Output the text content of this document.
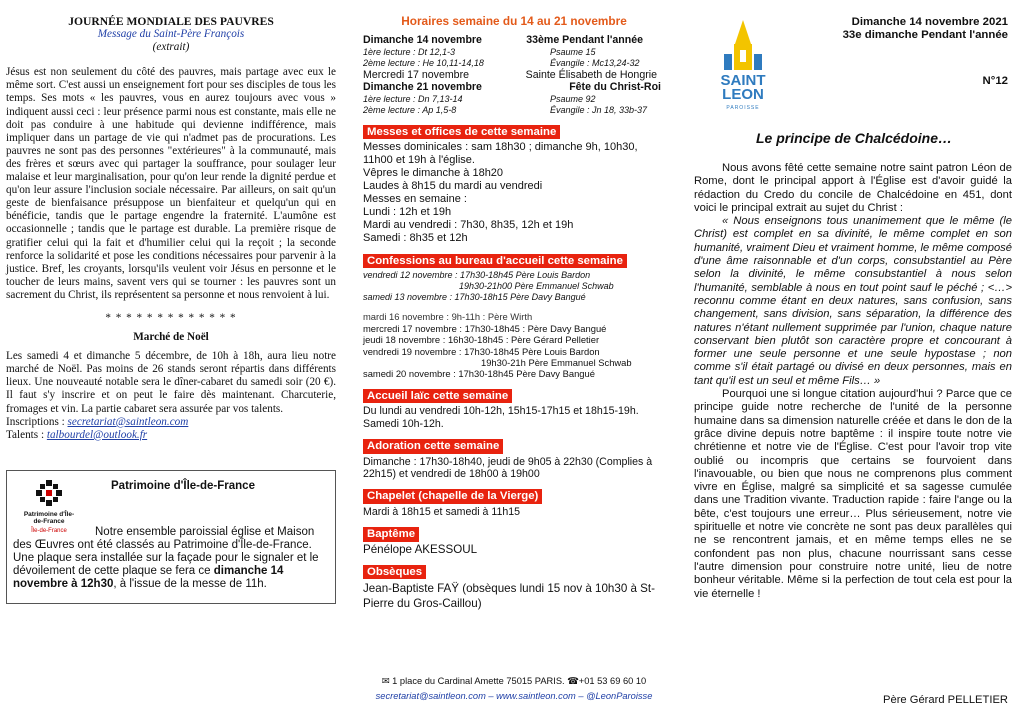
JOURNÉE MONDIALE DES PAUVRES
Message du Saint-Père François
(extrait)

Jésus est non seulement du côté des pauvres, mais partage avec eux le même sort. C'est aussi un enseignement fort pour ses disciples de tous les temps. Ses mots « les pauvres, vous en aurez toujours avec vous » indiquent aussi ceci : leur présence parmi nous est constante, mais elle ne doit pas conduire à une habitude qui devienne indifférence, mais impliquer dans un partage de vie qui n'admet pas de procurations. Les pauvres ne sont pas des personnes "extérieures" à la communauté, mais des frères et sœurs avec qui partager la souffrance, pour soulager leur malaise et leur marginalisation, pour qu'on leur rende la dignité perdue et qu'on leur assure l'inclusion sociale nécessaire. Par ailleurs, on sait qu'un geste de bienfaisance présuppose un bienfaiteur et quelqu'un qui en bénéficie, tandis que le partage engendre la fraternité. L'aumône est occasionnelle ; tandis que le partage est durable. La première risque de gratifier celui qui la fait et d'humilier celui qui la reçoit ; la seconde renforce la solidarité et pose les conditions nécessaires pour parvenir à la justice. Bref, les croyants, lorsqu'ils veulent voir Jésus en personne et le toucher de leurs mains, savent vers qui se tourner : les pauvres sont un sacrement du Christ, ils représentent sa personne et nous renvoient à lui.

* * * * * * * * * * * * *
Marché de Noël

Les samedi 4 et dimanche 5 décembre, de 10h à 18h, aura lieu notre marché de Noël. Pas moins de 26 stands seront répartis dans différents lieux. Une nouveauté notable sera le dîner-cabaret du samedi soir (20 €). Il faut s'y inscrire et on peut le faire dès maintenant. Charcuterie, fromages et vin. La partie cabaret sera assurée par vos talents.

Inscriptions : secretariat@saintleon.com
Talents : talbourdel@outlook.fr
Patrimoine d'Île-de-France
Île-de-France
Patrimoine d'Île-de-France
Notre ensemble paroissial église et Maison des Œuvres ont été classés au Patrimoine d'Île-de-France. Une plaque sera installée sur la façade pour le signaler et le dévoilement de cette plaque se fera ce dimanche 14 novembre à 12h30, à l'issue de la messe de 11h.
Horaires semaine du 14 au 21 novembre
Dimanche 14 novembre	33ème Pendant l'année
1ère lecture : Dt 12,1-3	Psaume 15
2ème lecture : He 10,11-14,18	Évangile : Mc13,24-32
Mercredi 17 novembre	Sainte Élisabeth de Hongrie
Dimanche 21 novembre	Fête du Christ-Roi
1ère lecture : Dn 7,13-14	Psaume 92
2ème lecture : Ap 1,5-8	Évangile : Jn 18, 33b-37
Messes et offices de cette semaine
Messes dominicales : sam 18h30 ; dimanche 9h, 10h30, 11h00 et 19h à l'église.
Vêpres le dimanche à 18h20
Laudes à 8h15 du mardi au vendredi
Messes en semaine :
Lundi : 12h et 19h
Mardi au vendredi : 7h30, 8h35, 12h et 19h
Samedi : 8h35 et 12h
Confessions au bureau d'accueil cette semaine
vendredi 12 novembre : 17h30-18h45 Père Louis Bardon
19h30-21h00 Père Emmanuel Schwab
samedi 13 novembre : 17h30-18h15 Père Davy Bangué
mardi 16 novembre : 9h-11h : Père Wirth
mercredi 17 novembre : 17h30-18h45 : Père Davy Bangué
jeudi 18 novembre : 16h30-18h45 : Père Gérard Pelletier
vendredi 19 novembre : 17h30-18h45 Père Louis Bardon
19h30-21h Père Emmanuel Schwab
samedi 20 novembre : 17h30-18h45 Père Davy Bangué
Accueil laïc cette semaine
Du lundi au vendredi 10h-12h, 15h15-17h15 et 18h15-19h.
Samedi 10h-12h.
Adoration cette semaine
Dimanche : 17h30-18h40, jeudi de 9h05 à 22h30 (Complies à 22h15) et vendredi de 18h00 à 19h00
Chapelet (chapelle de la Vierge)
Mardi à 18h15 et samedi à 11h15
Baptême
Pénélope AKESSOUL
Obsèques
Jean-Baptiste FAŸ (obsèques lundi 15 nov à 10h30 à St-Pierre du Gros-Caillou)
✉ 1 place du Cardinal Amette 75015 PARIS. ☎+01 53 69 60 10
secretariat@saintleon.com – www.saintleon.com – @LeonParoisse
SAINT
LEON
PAROISSE
Dimanche 14 novembre 2021
33e dimanche Pendant l'année
N°12
Le principe de Chalcédoine…

Nous avons fêté cette semaine notre saint patron Léon de Rome, dont le principal apport à l'Église est d'avoir guidé la rédaction du Credo du concile de Chalcédoine en 451, dont voici le principal extrait au sujet du Christ :

« Nous enseignons tous unanimement que le même (le Christ) est complet en sa divinité, le même complet en son humanité, vraiment Dieu et vraiment homme, le même composé d'une âme raisonnable et d'un corps, consubstantiel au Père selon la divinité, le même consubstantiel à nous selon l'humanité, semblable à nous en tout point sauf le péché ; <…> reconnu comme étant en deux natures, sans confusion, sans changement, sans division, sans séparation, la différence des natures n'étant nullement supprimée par l'union, chaque nature conservant bien plutôt son caractère propre et concourant à former une seule personne et une seule hypostase ; non comme s'il était partagé ou divisé en deux personnes, mais en tant qu'il est un seul et même Fils… »

Pourquoi une si longue citation aujourd'hui ? Parce que ce principe guide notre recherche de l'unité de la personne humaine dans sa dimension naturelle créée et dans le don de la grâce divine depuis notre baptême : il inspire toute notre vie chrétienne et notre vie de l'Église. C'est pour l'avoir trop vite oublié ou incompris que certains se fourvoient dans l'inavouable, ou bien que nous ne comprenons plus comment vivre en Église, malgré sa simplicité et sa sagesse cumulée dans une Tradition vivante. Traduction rapide : faire l'ange ou la bête, c'est toujours une erreur… Plus sérieusement, notre vie spirituelle et notre vie concrète ne sont pas deux parallèles qui ne se rencontrent jamais, et en même temps elles ne se confondent pas non plus, chacune nourrissant sans cesse l'autre dimension pour construire notre unité, lieu de notre bonheur véritable. Même si la perfection de tout cela est pour la vie éternelle !

Père Gérard PELLETIER
